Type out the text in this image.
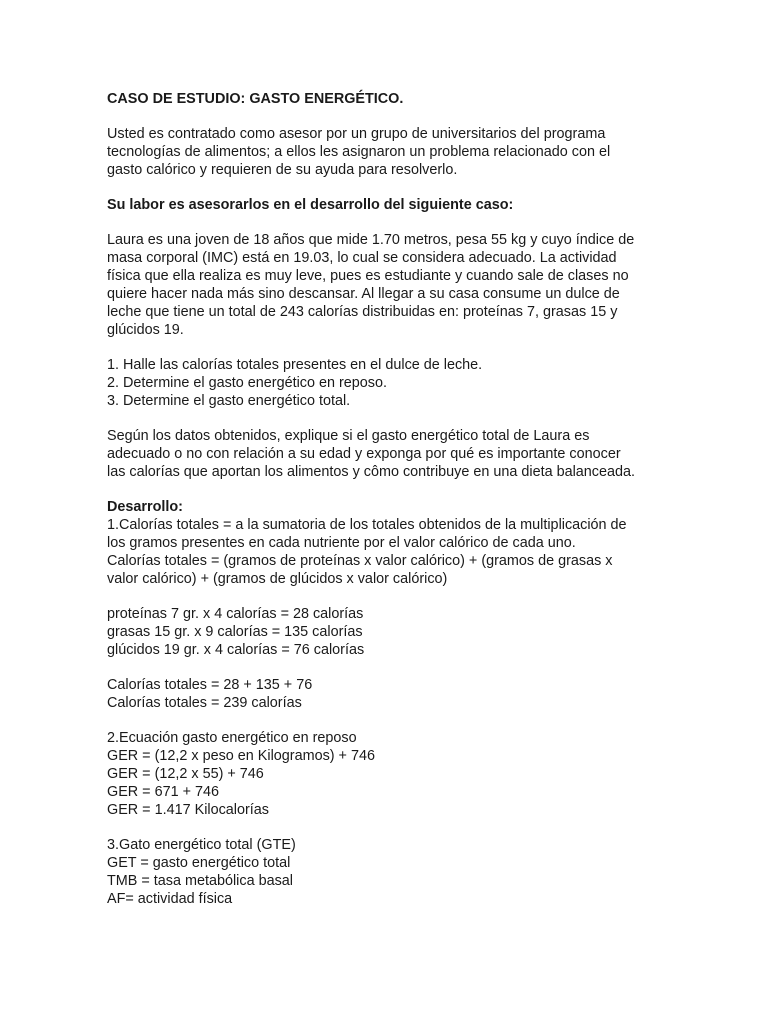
CASO DE ESTUDIO: GASTO ENERGÉTICO.
Usted es contratado como asesor por un grupo de universitarios del programa
tecnologías de alimentos; a ellos les asignaron un problema relacionado con el
gasto calórico y requieren de su ayuda para resolverlo.
Su labor es asesorarlos en el desarrollo del siguiente caso:
Laura es una joven de 18 años que mide 1.70 metros, pesa 55 kg y cuyo índice de
masa corporal (IMC) está en 19.03, lo cual se considera adecuado. La actividad
física que ella realiza es muy leve, pues es estudiante y cuando sale de clases no
quiere hacer nada más sino descansar. Al llegar a su casa consume un dulce de
leche que tiene un total de 243 calorías distribuidas en: proteínas 7, grasas 15 y
glúcidos 19.
1. Halle las calorías totales presentes en el dulce de leche.
2. Determine el gasto energético en reposo.
3. Determine el gasto energético total.
Según los datos obtenidos, explique si el gasto energético total de Laura es
adecuado o no con relación a su edad y exponga por qué es importante conocer
las calorías que aportan los alimentos y cômo contribuye en una dieta balanceada.
Desarrollo:
1.Calorías totales = a la sumatoria de los totales obtenidos de la multiplicación de
los gramos presentes en cada nutriente por el valor calórico de cada uno.
Calorías totales = (gramos de proteínas x valor calórico) + (gramos de grasas x
valor calórico) + (gramos de glúcidos x valor calórico)
proteínas 7 gr. x 4 calorías = 28 calorías
grasas 15 gr. x 9 calorías = 135 calorías
glúcidos 19 gr. x 4 calorías = 76 calorías
Calorías totales = 28 + 135 + 76
Calorías totales = 239 calorías
2.Ecuación gasto energético en reposo
GER = (12,2 x peso en Kilogramos) + 746
GER = (12,2 x 55) + 746
GER = 671 + 746
GER = 1.417 Kilocalorías
3.Gato energético total (GTE)
GET = gasto energético total
TMB = tasa metabólica basal
AF= actividad física
